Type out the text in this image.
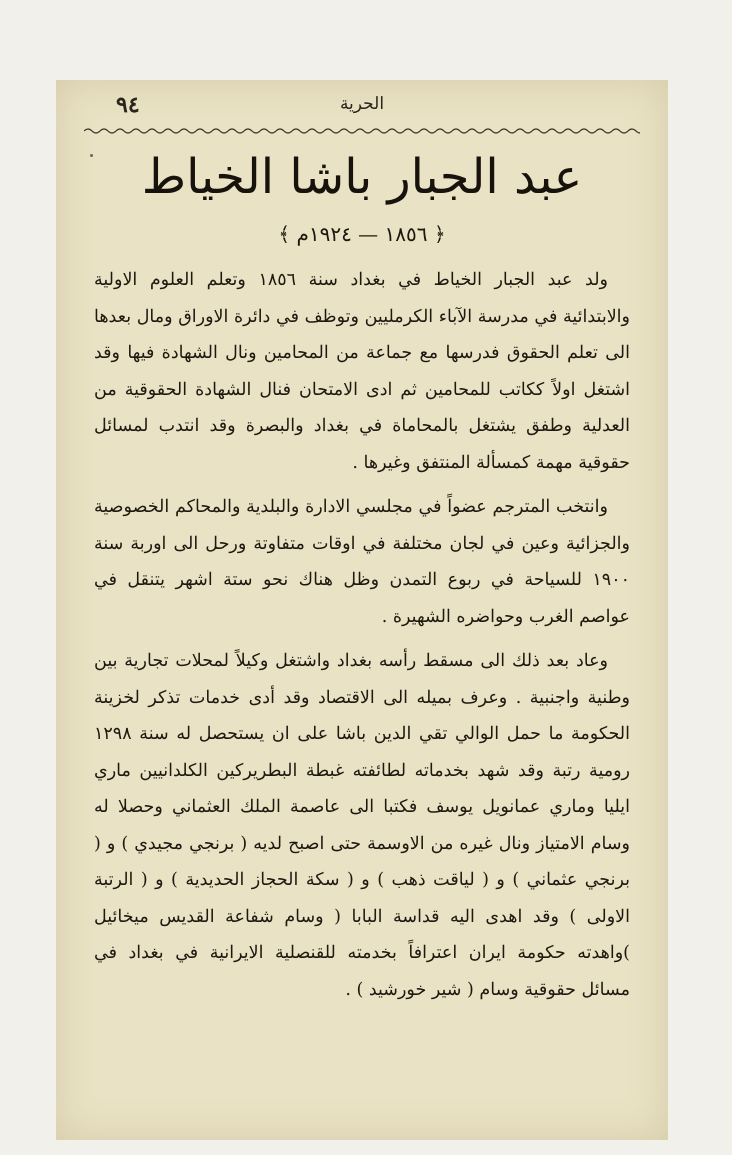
٩٤	الحرية
عبد الجبار باشا الخياط
﴿ ١٨٥٦ — ١٩٢٤م ﴾

ولد عبد الجبار الخياط في بغداد سنة ١٨٥٦ وتعلم العلوم الاولية والابتدائية في مدرسة الآباء الكرمليين وتوظف في دائرة الاوراق ومال بعدها الى تعلم الحقوق فدرسها مع جماعة من المحامين ونال الشهادة فيها وقد اشتغل اولاً ككاتب للمحامين ثم ادى الامتحان فنال الشهادة الحقوقية من العدلية وطفق يشتغل بالمحاماة في بغداد والبصرة وقد انتدب لمسائل حقوقية مهمة كمسألة المنتفق وغيرها .

وانتخب المترجم عضواً في مجلسي الادارة والبلدية والمحاكم الخصوصية والجزائية وعين في لجان مختلفة في اوقات متفاوتة ورحل الى اوربة سنة ١٩٠٠ للسياحة في ربوع التمدن وظل هناك نحو ستة اشهر يتنقل في عواصم الغرب وحواضره الشهيرة .

وعاد بعد ذلك الى مسقط رأسه بغداد واشتغل وكيلاً لمحلات تجارية بين وطنية واجنبية . وعرف بميله الى الاقتصاد وقد أدى خدمات تذكر لخزينة الحكومة ما حمل الوالي تقي الدين باشا على ان يستحصل له سنة ١٢٩٨ رومية رتبة وقد شهد بخدماته لطائفته غبطة البطريركين الكلدانيين ماري ايليا وماري عمانويل يوسف فكتبا الى عاصمة الملك العثماني وحصلا له وسام الامتياز ونال غيره من الاوسمة حتى اصبح لديه ( برنجي مجيدي ) و ( برنجي عثماني ) و ( لياقت ذهب ) و ( سكة الحجاز الحديدية ) و ( الرتبة الاولى ) وقد اهدى اليه قداسة البابا ( وسام شفاعة القديس ميخائيل )واهدته حكومة ايران اعترافاً بخدمته للقنصلية الايرانية في بغداد في مسائل حقوقية وسام ( شير خورشيد ) .
